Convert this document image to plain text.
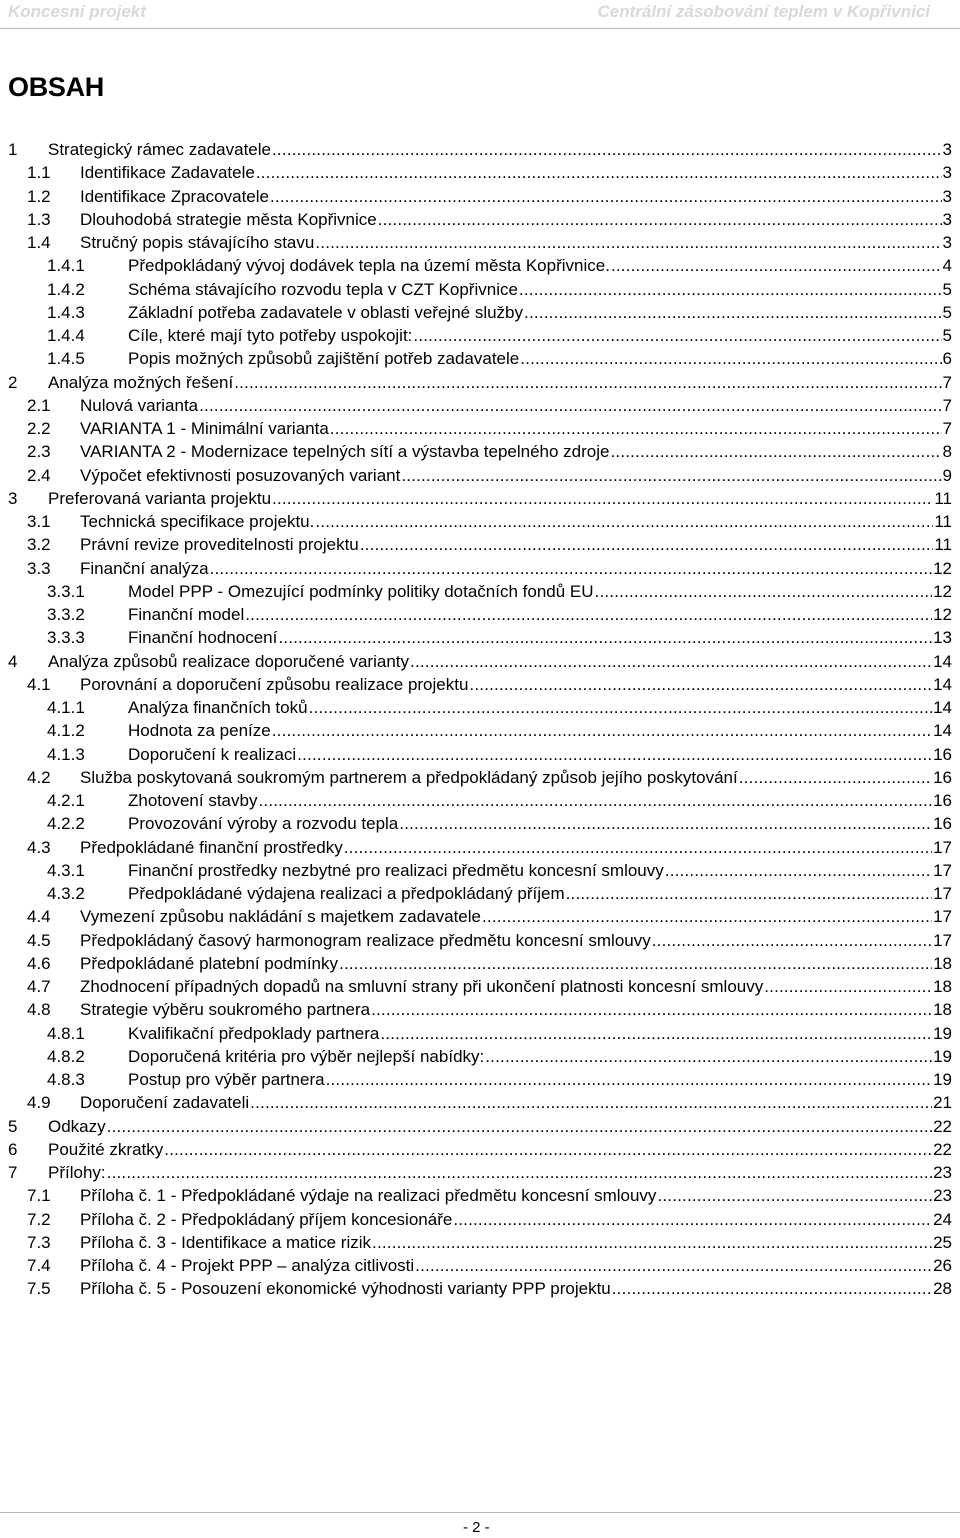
Koncesní projekt	Centrální zásobování teplem v Kopřivnici
OBSAH
1	Strategický rámec zadavatele .....	3
1.1	Identifikace Zadavatele .....	3
1.2	Identifikace Zpracovatele .....	3
1.3	Dlouhodobá strategie města Kopřivnice .....	3
1.4	Stručný popis stávajícího stavu .....	3
1.4.1	Předpokládaný vývoj dodávek tepla na území města Kopřivnice. .....	4
1.4.2	Schéma stávajícího rozvodu tepla v CZT Kopřivnice .....	5
1.4.3	Základní potřeba zadavatele v oblasti veřejné služby .....	5
1.4.4	Cíle, které mají tyto potřeby uspokojit: .....	5
1.4.5	Popis možných způsobů zajištění potřeb zadavatele .....	6
2	Analýza možných řešení .....	7
2.1	Nulová varianta .....	7
2.2	VARIANTA 1 - Minimální varianta .....	7
2.3	VARIANTA 2 - Modernizace tepelných sítí a výstavba tepelného zdroje .....	8
2.4	Výpočet efektivnosti posuzovaných variant .....	9
3	Preferovaná varianta projektu .....	11
3.1	Technická specifikace projektu. .....	11
3.2	Právní revize proveditelnosti projektu .....	11
3.3	Finanční analýza .....	12
3.3.1	Model PPP - Omezující podmínky politiky dotačních fondů EU .....	12
3.3.2	Finanční model .....	12
3.3.3	Finanční hodnocení .....	13
4	Analýza způsobů realizace doporučené varianty .....	14
4.1	Porovnání a doporučení způsobu realizace projektu .....	14
4.1.1	Analýza finančních toků .....	14
4.1.2	Hodnota za peníze .....	14
4.1.3	Doporučení k realizaci .....	16
4.2	Služba poskytovaná soukromým partnerem a předpokládaný způsob jejího poskytování .....	16
4.2.1	Zhotovení stavby .....	16
4.2.2	Provozování výroby a rozvodu tepla .....	16
4.3	Předpokládané finanční prostředky .....	17
4.3.1	Finanční prostředky nezbytné pro realizaci předmětu koncesní smlouvy .....	17
4.3.2	Předpokládané výdajena realizaci a předpokládaný příjem .....	17
4.4	Vymezení způsobu nakládání s majetkem zadavatele .....	17
4.5	Předpokládaný časový harmonogram realizace předmětu koncesní smlouvy .....	17
4.6	Předpokládané platební podmínky .....	18
4.7	Zhodnocení případných dopadů na smluvní strany při ukončení platnosti koncesní smlouvy .....	18
4.8	Strategie výběru soukromého partnera .....	18
4.8.1	Kvalifikační předpoklady partnera .....	19
4.8.2	Doporučená kritéria pro výběr nejlepší nabídky: .....	19
4.8.3	Postup pro výběr partnera .....	19
4.9	Doporučení zadavateli .....	21
5	Odkazy .....	22
6	Použité zkratky .....	22
7	Přílohy: .....	23
7.1	Příloha č. 1 - Předpokládané výdaje na realizaci předmětu koncesní smlouvy .....	23
7.2	Příloha č. 2 - Předpokládaný příjem koncesionáře .....	24
7.3	Příloha č. 3 - Identifikace a matice rizik .....	25
7.4	Příloha č. 4 - Projekt PPP – analýza citlivosti .....	26
7.5	Příloha č. 5 - Posouzení ekonomické výhodnosti varianty PPP projektu .....	28
- 2 -
